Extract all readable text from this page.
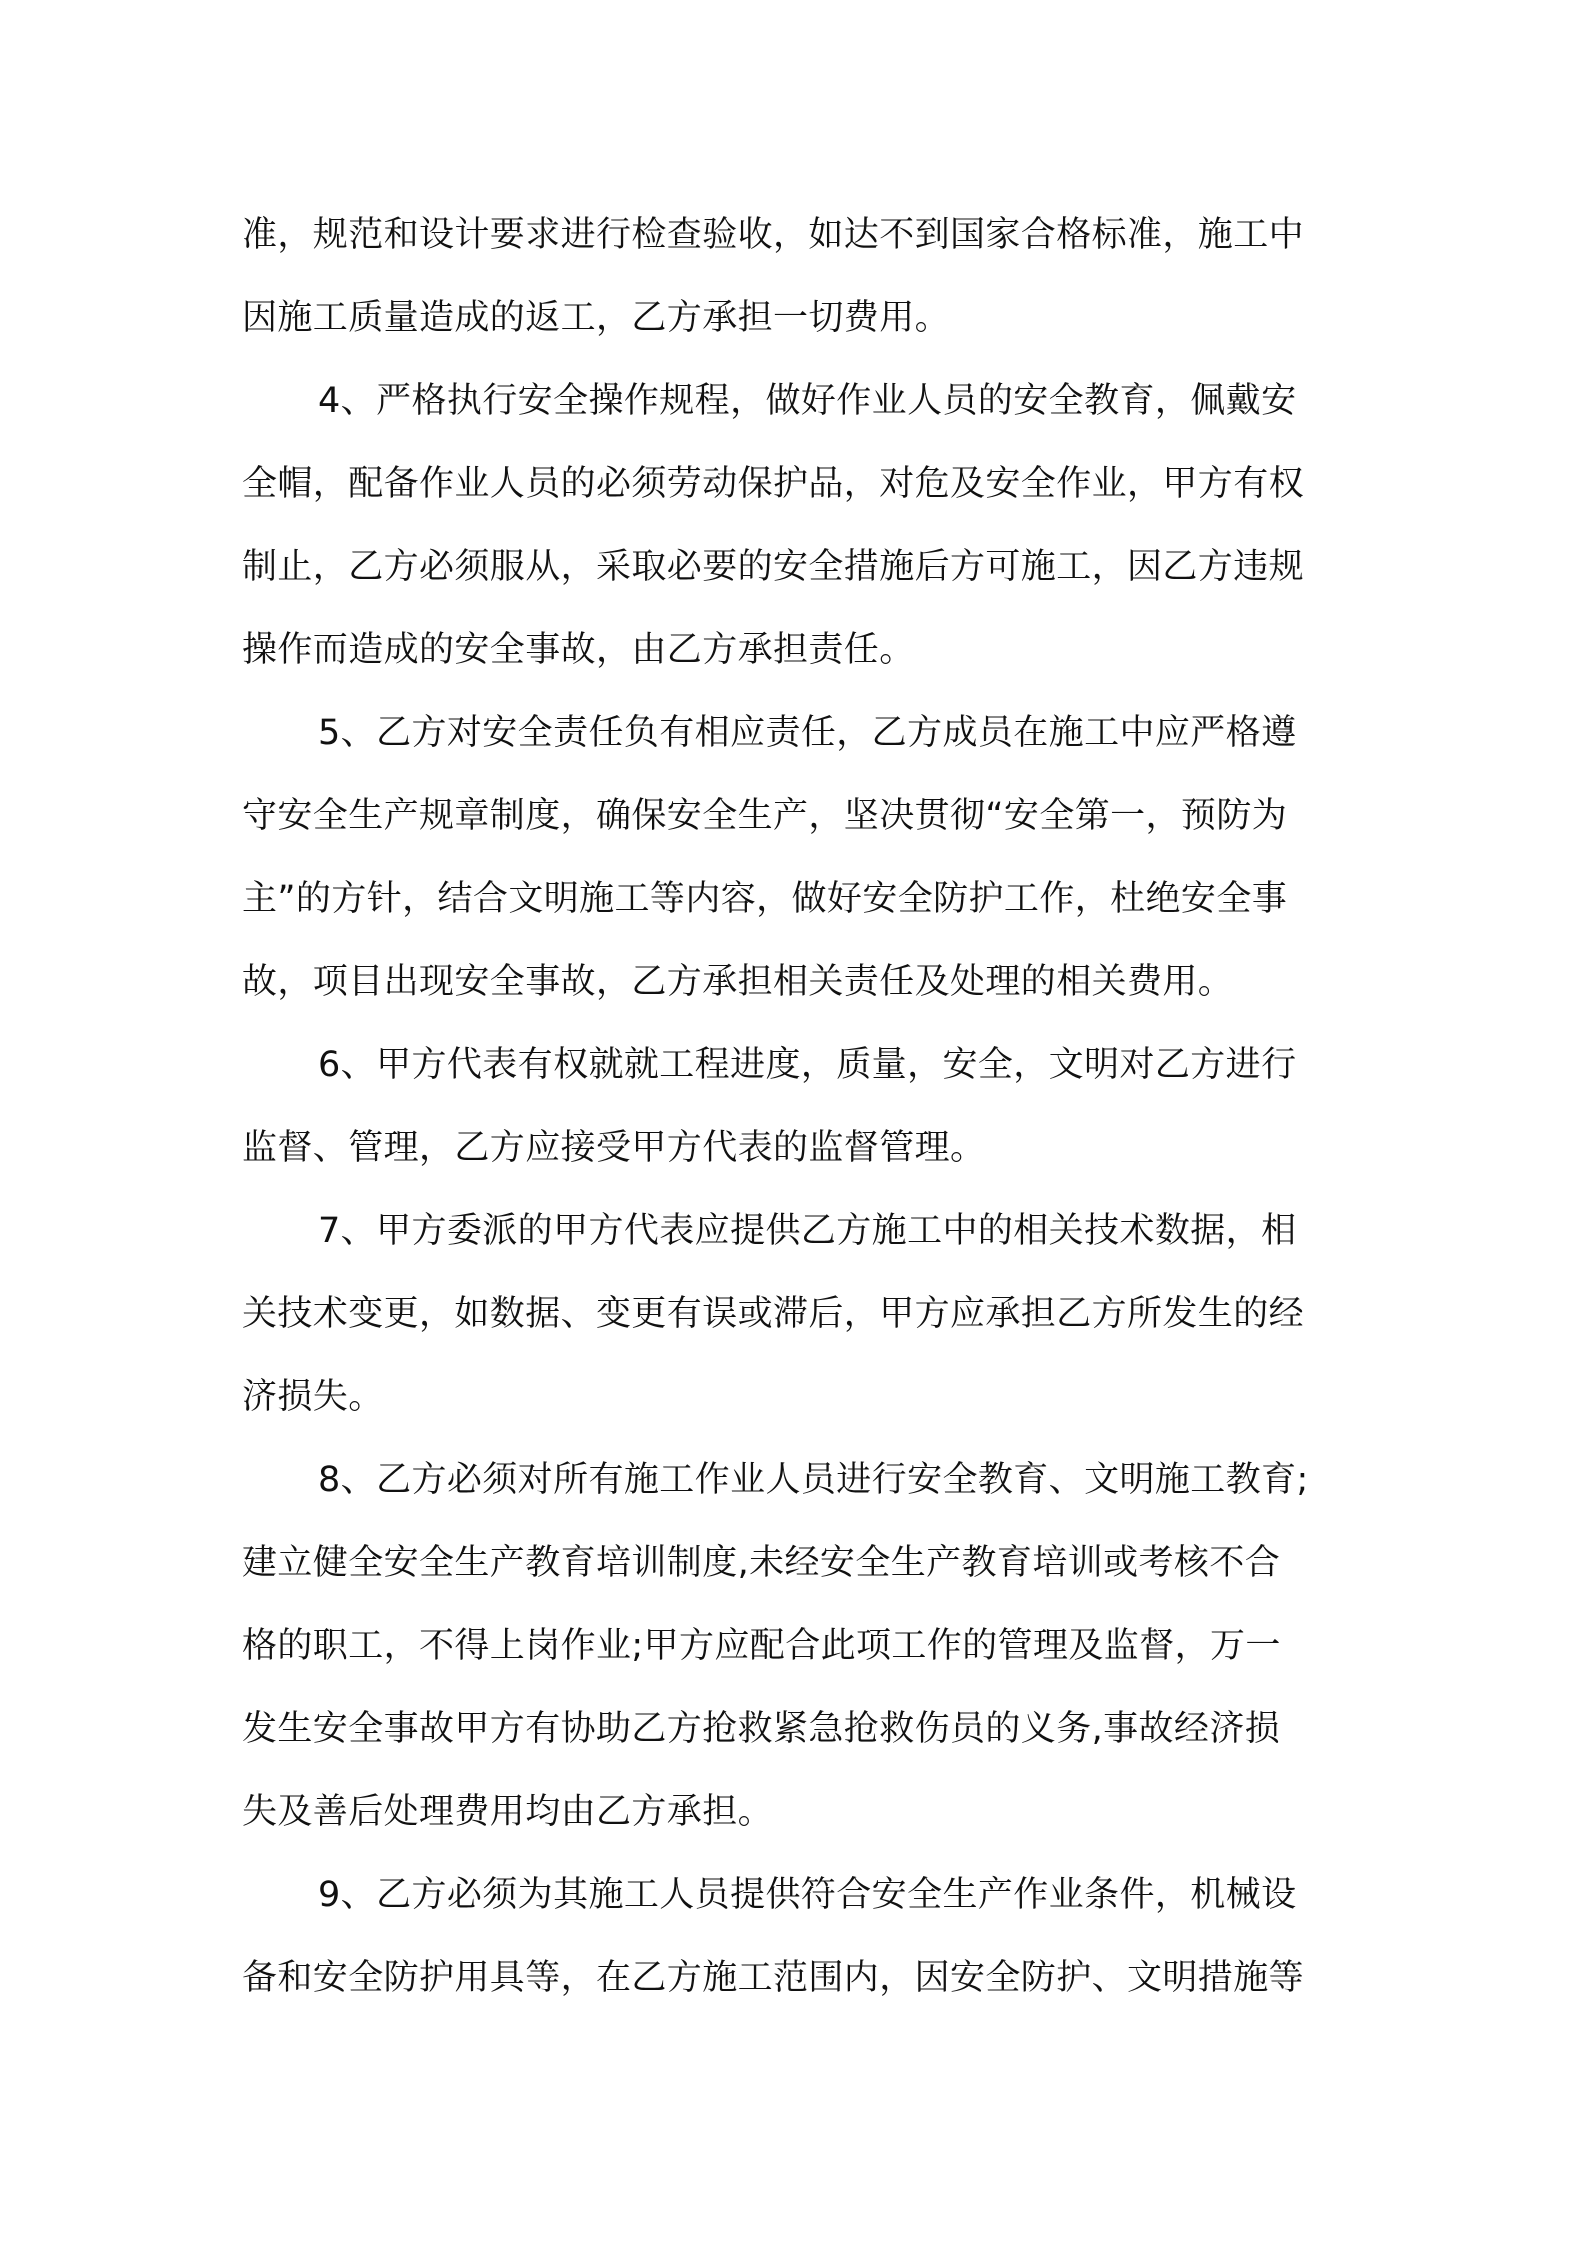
准，规范和设计要求进行检查验收，如达不到国家合格标准，施工中
因施工质量造成的返工，乙方承担一切费用。
4、严格执行安全操作规程，做好作业人员的安全教育，佩戴安
全帽，配备作业人员的必须劳动保护品，对危及安全作业，甲方有权
制止，乙方必须服从，采取必要的安全措施后方可施工，因乙方违规
操作而造成的安全事故，由乙方承担责任。
5、乙方对安全责任负有相应责任，乙方成员在施工中应严格遵
守安全生产规章制度，确保安全生产，坚决贯彻“安全第一，预防为
主”的方针，结合文明施工等内容，做好安全防护工作，杜绝安全事
故，项目出现安全事故，乙方承担相关责任及处理的相关费用。
6、甲方代表有权就就工程进度，质量，安全，文明对乙方进行
监督、管理，乙方应接受甲方代表的监督管理。
7、甲方委派的甲方代表应提供乙方施工中的相关技术数据，相
关技术变更，如数据、变更有误或滞后，甲方应承担乙方所发生的经
济损失。
8、乙方必须对所有施工作业人员进行安全教育、文明施工教育;
建立健全安全生产教育培训制度,未经安全生产教育培训或考核不合
格的职工，不得上岗作业;甲方应配合此项工作的管理及监督，万一
发生安全事故甲方有协助乙方抢救紧急抢救伤员的义务,事故经济损
失及善后处理费用均由乙方承担。
9、乙方必须为其施工人员提供符合安全生产作业条件，机械设
备和安全防护用具等，在乙方施工范围内，因安全防护、文明措施等
